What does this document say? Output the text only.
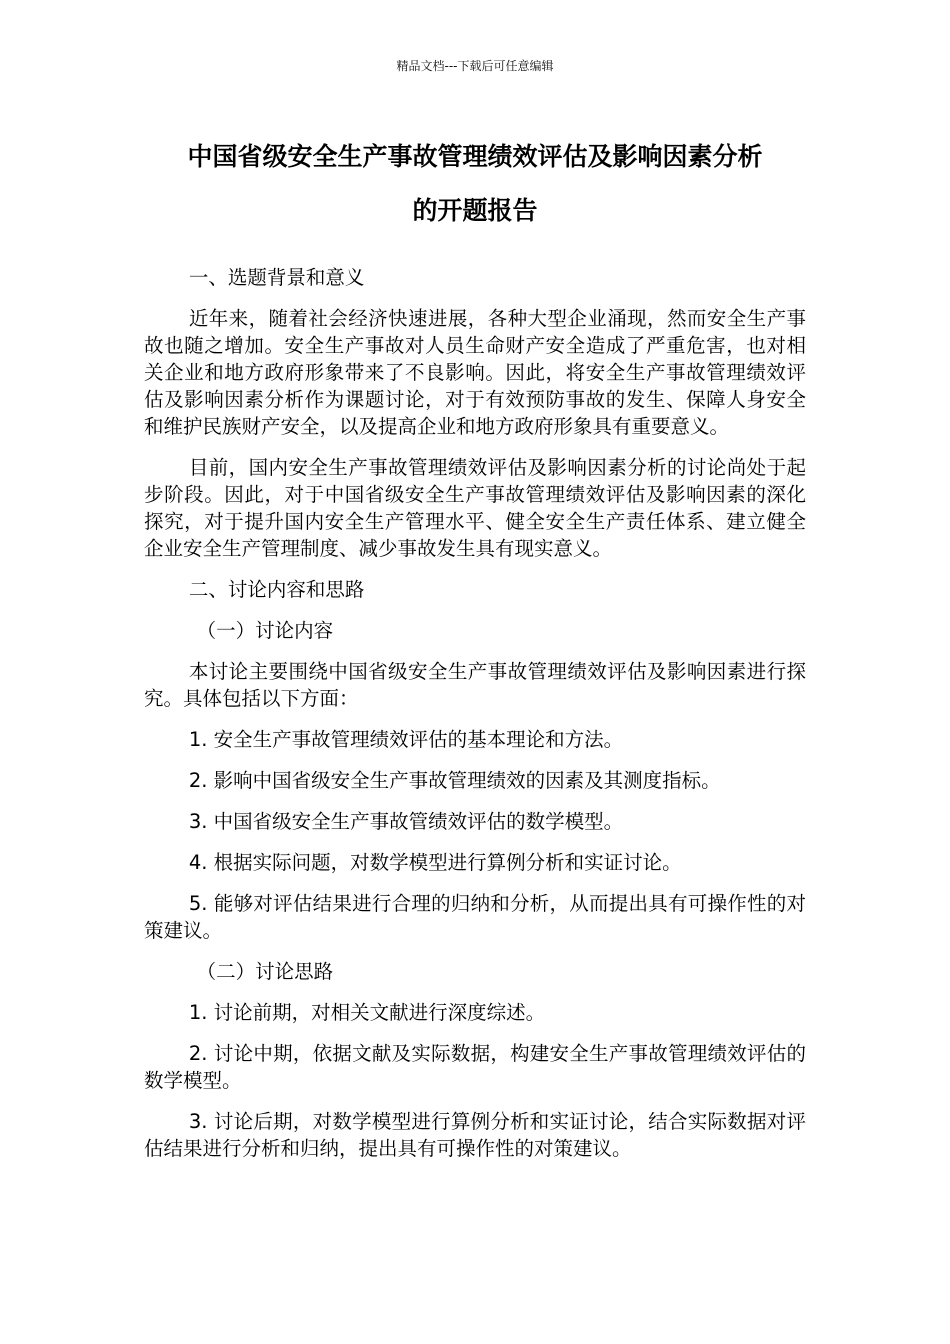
精品文档---下载后可任意编辑
中国省级安全生产事故管理绩效评估及影响因素分析
的开题报告

一、选题背景和意义

近年来，随着社会经济快速进展，各种大型企业涌现，然而安全生产事故也随之增加。安全生产事故对人员生命财产安全造成了严重危害，也对相关企业和地方政府形象带来了不良影响。因此，将安全生产事故管理绩效评估及影响因素分析作为课题讨论，对于有效预防事故的发生、保障人身安全和维护民族财产安全，以及提高企业和地方政府形象具有重要意义。

目前，国内安全生产事故管理绩效评估及影响因素分析的讨论尚处于起步阶段。因此，对于中国省级安全生产事故管理绩效评估及影响因素的深化探究，对于提升国内安全生产管理水平、健全安全生产责任体系、建立健全企业安全生产管理制度、减少事故发生具有现实意义。

二、讨论内容和思路

（一）讨论内容

本讨论主要围绕中国省级安全生产事故管理绩效评估及影响因素进行探究。具体包括以下方面：

1. 安全生产事故管理绩效评估的基本理论和方法。

2. 影响中国省级安全生产事故管理绩效的因素及其测度指标。

3. 中国省级安全生产事故管绩效评估的数学模型。

4. 根据实际问题，对数学模型进行算例分析和实证讨论。

5. 能够对评估结果进行合理的归纳和分析，从而提出具有可操作性的对策建议。

（二）讨论思路

1. 讨论前期，对相关文献进行深度综述。

2. 讨论中期，依据文献及实际数据，构建安全生产事故管理绩效评估的数学模型。

3. 讨论后期，对数学模型进行算例分析和实证讨论，结合实际数据对评估结果进行分析和归纳，提出具有可操作性的对策建议。
